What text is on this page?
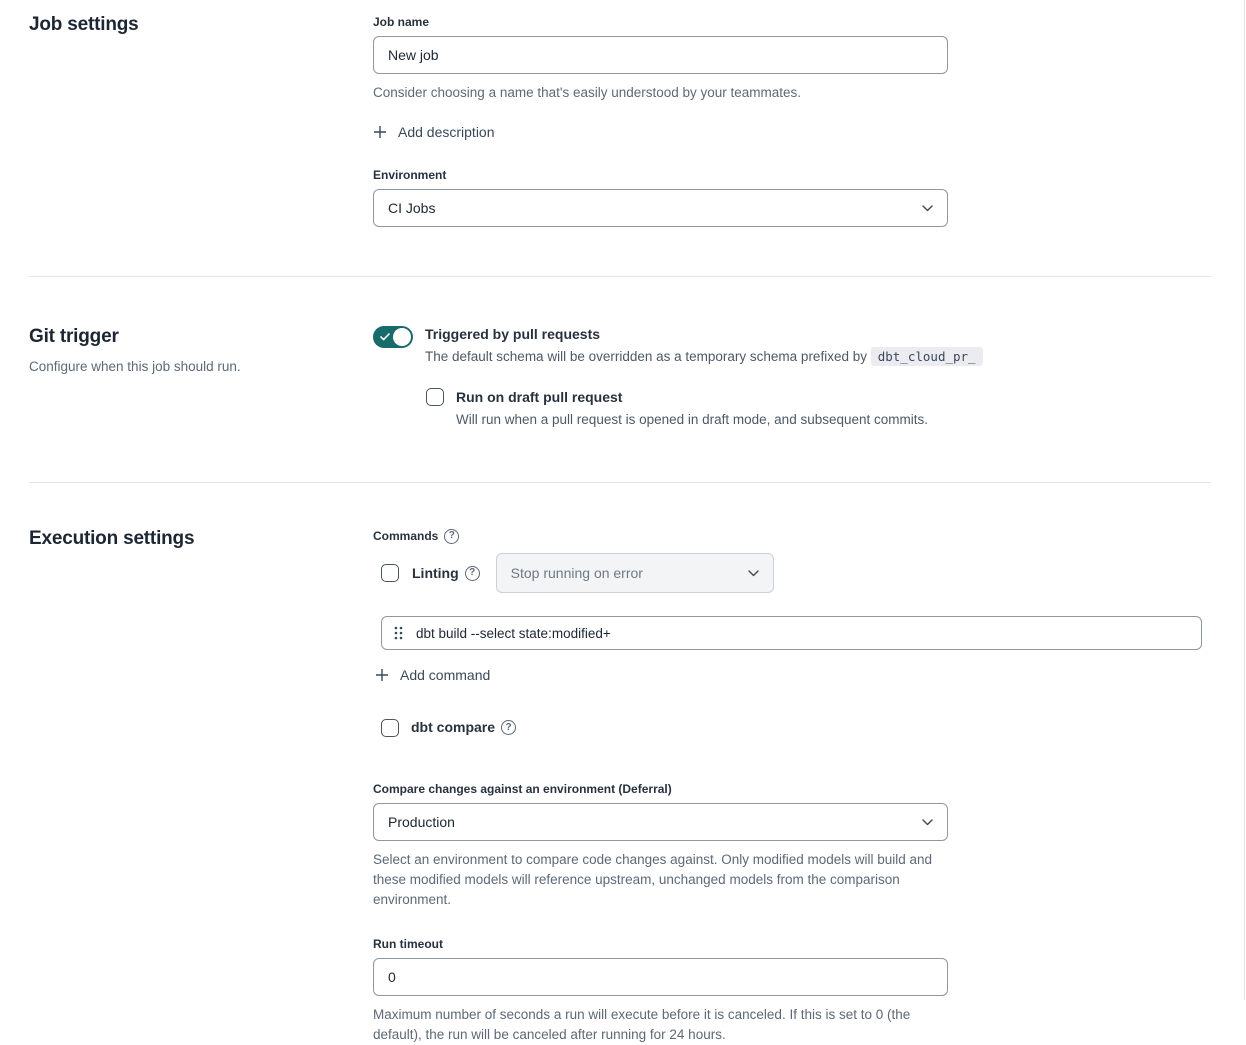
Job settings	Job name
New job

Consider choosing a name that's easily understood by your teammates.

Add description
Environment
CI Jobs
Git trigger

Configure when this job should run.

Triggered by pull requests
The default schema will be overridden as a temporary schema prefixed by dbt_cloud_pr_
Run on draft pull request
Will run when a pull request is opened in draft mode, and subsequent commits.
Execution settings	Commands ?
Linting ?	Stop running on error
dbt build --select state:modified+
Add command
dbt compare ?
Compare changes against an environment (Deferral)
Production

Select an environment to compare code changes against. Only modified models will build and these modified models will reference upstream, unchanged models from the comparison environment.

Run timeout
0

Maximum number of seconds a run will execute before it is canceled. If this is set to 0 (the default), the run will be canceled after running for 24 hours.
